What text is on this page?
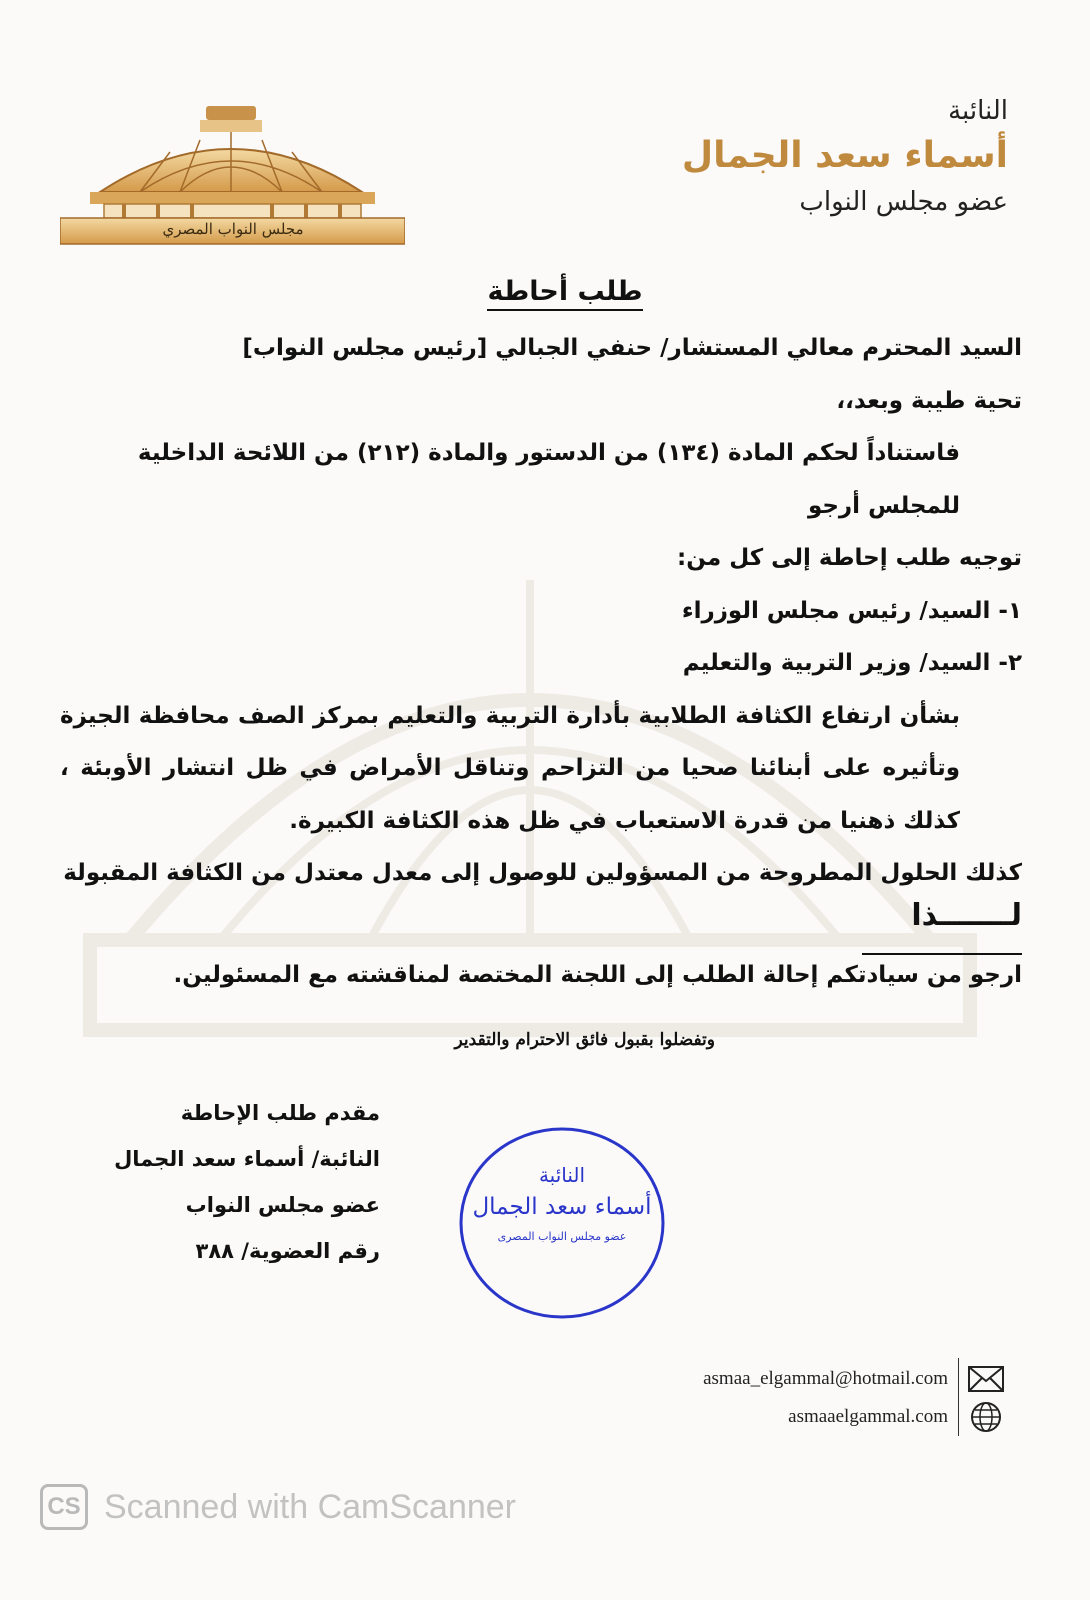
النائبة
أسماء سعد الجمال
عضو مجلس النواب
مجلس النواب المصري
طلب أحاطة

السيد المحترم معالي المستشار/ حنفي الجبالي [رئيس مجلس النواب]

تحية طيبة وبعد،،

فاستناداً لحكم المادة (١٣٤) من الدستور والمادة (٢١٢) من اللائحة الداخلية للمجلس أرجو

توجيه طلب إحاطة إلى كل من:

١- السيد/ رئيس مجلس الوزراء

٢- السيد/ وزير التربية والتعليم

بشأن ارتفاع الكثافة الطلابية بأدارة التربية والتعليم بمركز الصف محافظة الجيزة وتأثيره على أبنائنا صحيا من التزاحم وتناقل الأمراض في ظل انتشار الأوبئة ، كذلك ذهنيا من قدرة الاستعباب في ظل هذه الكثافة الكبيرة.

كذلك الحلول المطروحة من المسؤولين للوصول إلى معدل معتدل من الكثافة المقبولة

لـــــــذا
ارجو من سيادتكم إحالة الطلب إلى اللجنة المختصة لمناقشته مع المسئولين.
وتفضلوا بقبول فائق الاحترام والتقدير
مقدم طلب الإحاطة
النائبة/ أسماء سعد الجمال
عضو مجلس النواب
رقم العضوية/ ٣٨٨
النائبة
أسماء سعد الجمال
عضو مجلس النواب المصرى
asmaa_elgammal@hotmail.com
asmaaelgammal.com
CS Scanned with CamScanner
